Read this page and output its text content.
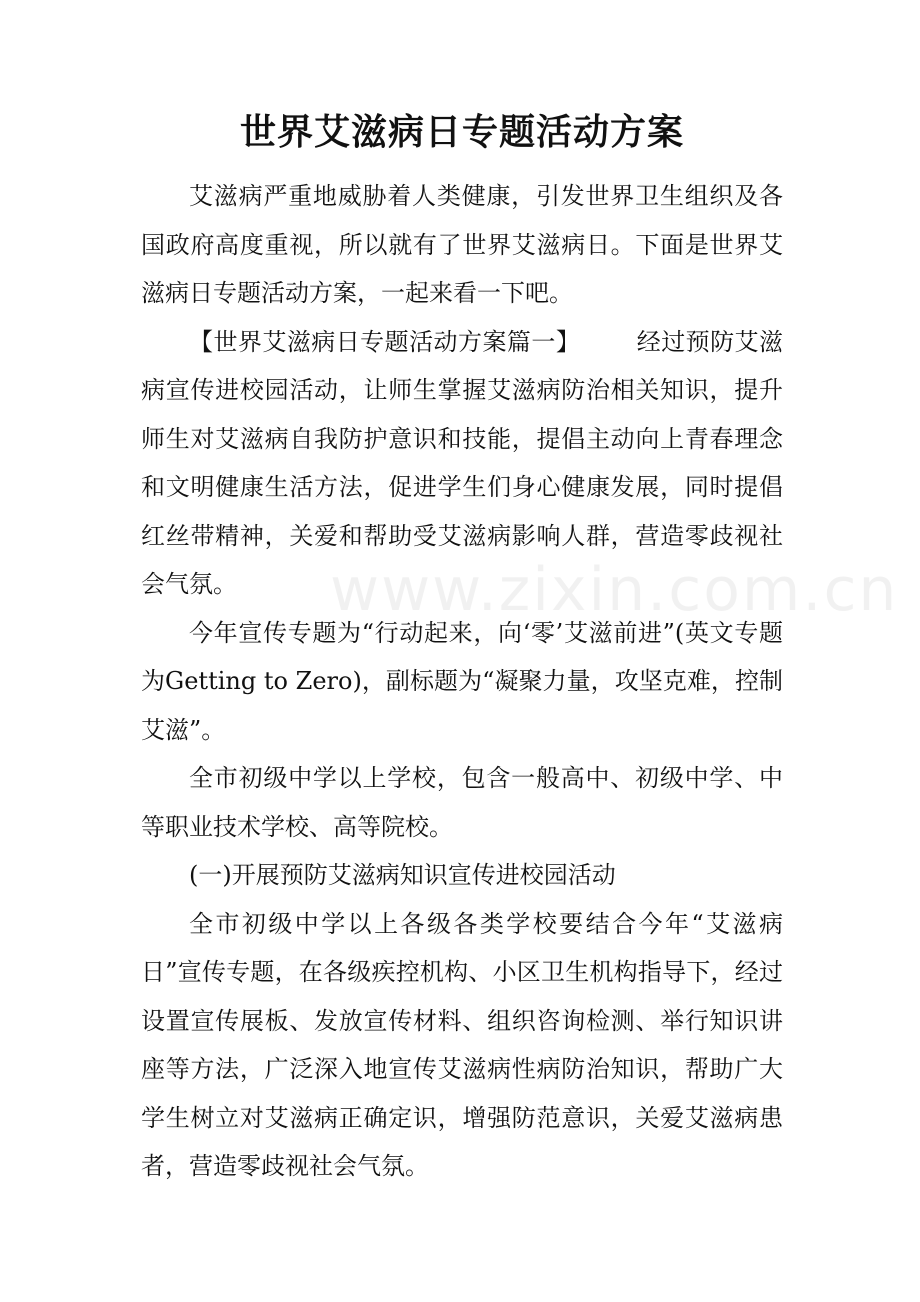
www.zixin.com.cn
世界艾滋病日专题活动方案

艾滋病严重地威胁着人类健康，引发世界卫生组织及各国政府高度重视，所以就有了世界艾滋病日。下面是世界艾滋病日专题活动方案，一起来看一下吧。

【世界艾滋病日专题活动方案篇一】 经过预防艾滋病宣传进校园活动，让师生掌握艾滋病防治相关知识，提升师生对艾滋病自我防护意识和技能，提倡主动向上青春理念和文明健康生活方法，促进学生们身心健康发展，同时提倡红丝带精神，关爱和帮助受艾滋病影响人群，营造零歧视社会气氛。

今年宣传专题为“行动起来，向‘零’艾滋前进”(英文专题为Getting to Zero)，副标题为“凝聚力量，攻坚克难，控制艾滋”。

全市初级中学以上学校，包含一般高中、初级中学、中等职业技术学校、高等院校。

(一)开展预防艾滋病知识宣传进校园活动

全市初级中学以上各级各类学校要结合今年“艾滋病日”宣传专题，在各级疾控机构、小区卫生机构指导下，经过设置宣传展板、发放宣传材料、组织咨询检测、举行知识讲座等方法，广泛深入地宣传艾滋病性病防治知识，帮助广大学生树立对艾滋病正确定识，增强防范意识，关爱艾滋病患者，营造零歧视社会气氛。
